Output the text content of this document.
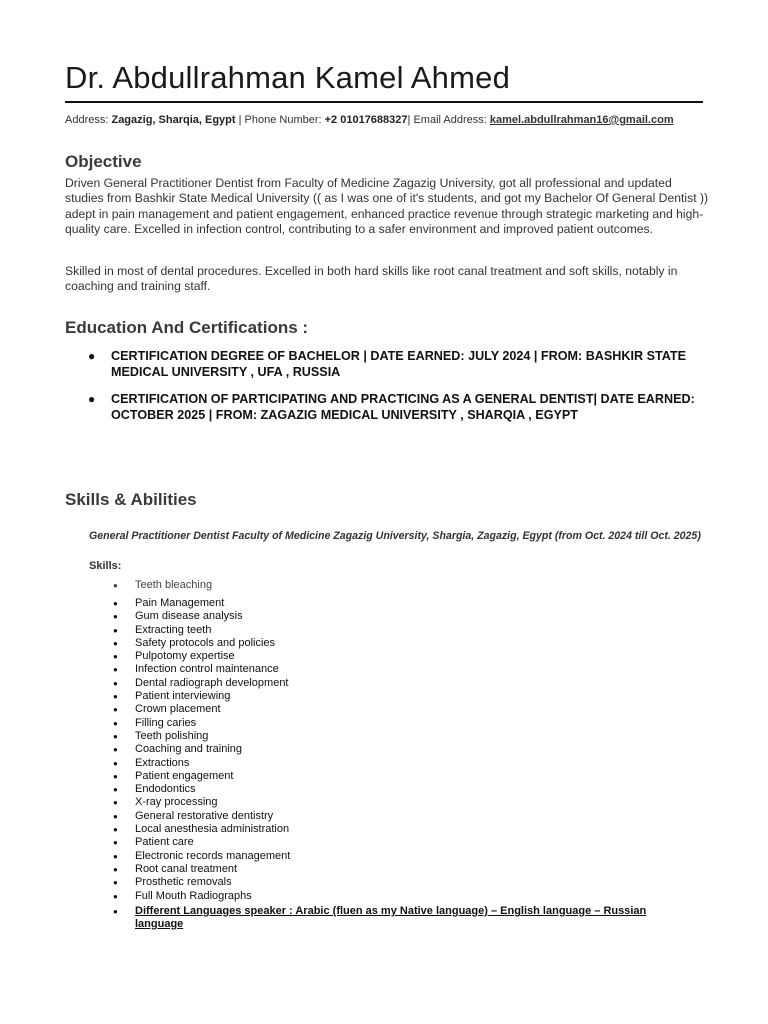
Dr. Abdullrahman Kamel Ahmed
Address: Zagazig, Sharqia, Egypt | Phone Number: +2 01017688327| Email Address: kamel.abdullrahman16@gmail.com
Objective
Driven General Practitioner Dentist from Faculty of Medicine Zagazig University, got all professional and updated studies from Bashkir State Medical University (( as I was one of it's students, and got my Bachelor Of General Dentist )) adept in pain management and patient engagement, enhanced practice revenue through strategic marketing and high-quality care. Excelled in infection control, contributing to a safer environment and improved patient outcomes.
Skilled in most of dental procedures. Excelled in both hard skills like root canal treatment and soft skills, notably in coaching and training staff.
Education And Certifications :
● CERTIFICATION DEGREE OF BACHELOR | DATE EARNED: JULY 2024 | FROM: BASHKIR STATE MEDICAL UNIVERSITY , UFA , RUSSIA
● CERTIFICATION OF PARTICIPATING AND PRACTICING AS A GENERAL DENTIST| DATE EARNED: OCTOBER 2025 | FROM: ZAGAZIG MEDICAL UNIVERSITY , SHARQIA , EGYPT
Skills & Abilities
General Practitioner Dentist Faculty of Medicine Zagazig University, Shargia, Zagazig, Egypt (from Oct. 2024 till Oct. 2025)
Skills:
● Teeth bleaching
● Pain Management
● Gum disease analysis
● Extracting teeth
● Safety protocols and policies
● Pulpotomy expertise
● Infection control maintenance
● Dental radiograph development
● Patient interviewing
● Crown placement
● Filling caries
● Teeth polishing
● Coaching and training
● Extractions
● Patient engagement
● Endodontics
● X-ray processing
● General restorative dentistry
● Local anesthesia administration
● Patient care
● Electronic records management
● Root canal treatment
● Prosthetic removals
● Full Mouth Radiographs
● Different Languages speaker : Arabic (fluen as my Native language) – English language – Russian language
